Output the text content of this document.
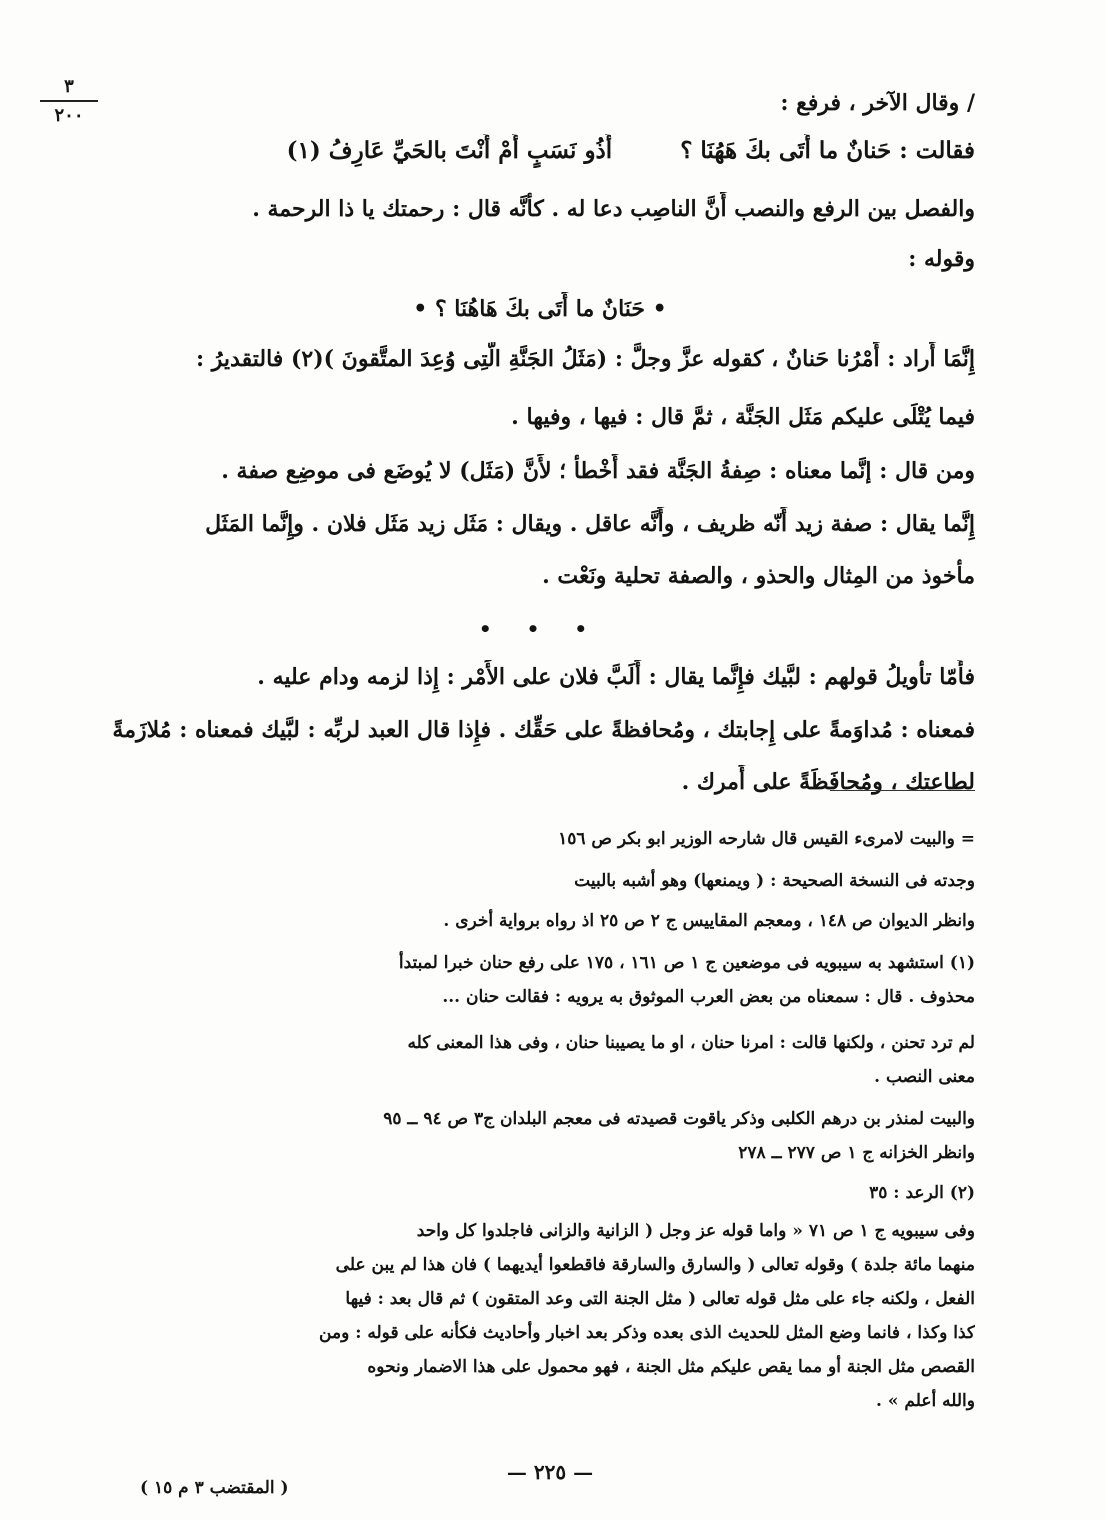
٣
٢٠٠	/ وقال الآخر ، فرفع :
فقالت : حَنانٌ ما أَتَى بكَ هَهُنَا ؟ أَذُو نَسَبٍ أَمْ أَنْتَ بالحَيِّ عَارِفُ (١)
والفصل بين الرفع والنصب أَنَّ الناصِب دعا له . كأنَّه قال : رحمتك يا ذا الرحمة .
وقوله :
• حَنَانٌ ما أَتَى بكَ هَاهُنَا ؟ •
إِنَّمَا أَراد : أَمْرُنا حَنانٌ ، كقوله عزَّ وجلَّ : (مَثَلُ الجَنَّةِ الَّتِى وُعِدَ المتَّقونَ )(٢) فالتقديرُ :
فيما يُتْلَى عليكم مَثَل الجَنَّة ، ثمَّ قال : فيها ، وفيها .
ومن قال : إنَّما معناه : صِفةُ الجَنَّة فقد أَخْطأ ؛ لأَنَّ (مَثَل) لا يُوضَع فى موضِع صفة .
إِنَّما يقال : صفة زيد أَنّه ظريف ، وأَنَّه عاقل . ويقال : مَثَل زيد مَثَل فلان . وإِنَّما المَثَل
مأْخوذ من المِثال والحذو ، والصفة تحلية ونَعْت .
• • •
فأَمّا تأْويلُ قولهم : لبَّيك فإِنَّما يقال : أَلَبَّ فلان على الأَمْر : إِذا لزمه ودام عليه .
فمعناه : مُداوَمةً على إِجابتك ، ومُحافظةً على حَقِّك . فإِذا قال العبد لربِّه : لبَّيك فمعناه : مُلازَمةً
لطاعتك ، ومُحافَظَةً على أَمرك .
= والبيت لامرىء القيس قال شارحه الوزير ابو بكر ص ١٥٦
وجدته فى النسخة الصحيحة : ( ويمنعها) وهو أشبه بالبيت
وانظر الديوان ص ١٤٨ ، ومعجم المقاييس ج ٢ ص ٢٥ اذ رواه برواية أخرى .
(١) استشهد به سيبويه فى موضعين ج ١ ص ١٦١ ، ١٧٥ على رفع حنان خبرا لمبتدأ
محذوف . قال : سمعناه من بعض العرب الموثوق به يرويه : فقالت حنان ...
لم ترد تحنن ، ولكنها قالت : امرنا حنان ، او ما يصيبنا حنان ، وفى هذا المعنى كله
معنى النصب .
والبيت لمنذر بن درهم الكلبى وذكر ياقوت قصيدته فى معجم البلدان ج٣ ص ٩٤ ــ ٩٥
وانظر الخزانه ج ١ ص ٢٧٧ ــ ٢٧٨
(٢) الرعد : ٣٥
وفى سيبويه ج ١ ص ٧١ « واما قوله عز وجل ( الزانية والزانى فاجلدوا كل واحد
منهما مائة جلدة ) وقوله تعالى ( والسارق والسارقة فاقطعوا أيديهما ) فان هذا لم يبن على
الفعل ، ولكنه جاء على مثل قوله تعالى ( مثل الجنة التى وعد المتقون ) ثم قال بعد : فيها
كذا وكذا ، فانما وضع المثل للحديث الذى بعده وذكر بعد اخبار وأحاديث فكأنه على قوله : ومن
القصص مثل الجنة أو مما يقص عليكم مثل الجنة ، فهو محمول على هذا الاضمار ونحوه
والله أعلم » .
— ٢٢٥ —
( المقتضب ٣ م ١٥ )
